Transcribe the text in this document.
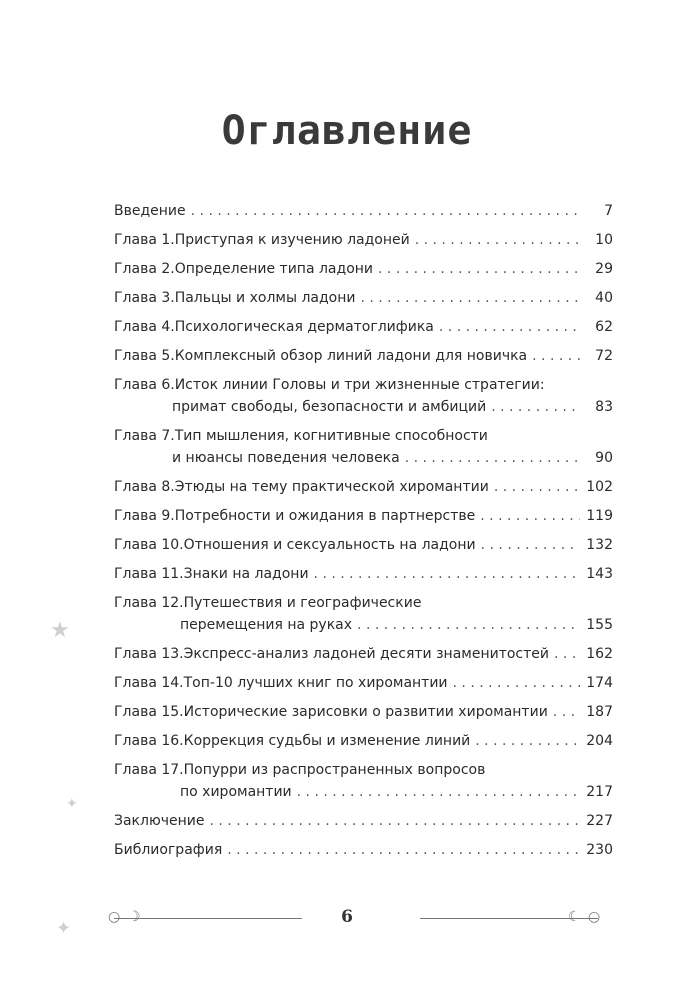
Оглавление
Введение . . .	7
Глава 1. Приступая к изучению ладоней . . .	10
Глава 2. Определение типа ладони . . .	29
Глава 3. Пальцы и холмы ладони . . .	40
Глава 4. Психологическая дерматоглифика . . .	62
Глава 5. Комплексный обзор линий ладони для новичка . . .	72
Глава 6. Исток линии Головы и три жизненные стратегии:
примат свободы, безопасности и амбиций . . .	83
Глава 7. Тип мышления, когнитивные способности
и нюансы поведения человека . . .	90
Глава 8. Этюды на тему практической хиромантии . . .	102
Глава 9. Потребности и ожидания в партнерстве . . .	119
Глава 10. Отношения и сексуальность на ладони . . .	132
Глава 11. Знаки на ладони . . .	143
Глава 12. Путешествия и географические
перемещения на руках . . .	155
Глава 13. Экспресс-анализ ладоней десяти знаменитостей . . .	162
Глава 14. Топ-10 лучших книг по хиромантии . . .	174
Глава 15. Исторические зарисовки о развитии хиромантии . . .	187
Глава 16. Коррекция судьбы и изменение линий . . .	204
Глава 17. Попурри из распространенных вопросов
по хиромантии . . .	217
Заключение . . .	227
Библиография . . .	230
○ ☽	6	☾ ○
★
✦
✦
